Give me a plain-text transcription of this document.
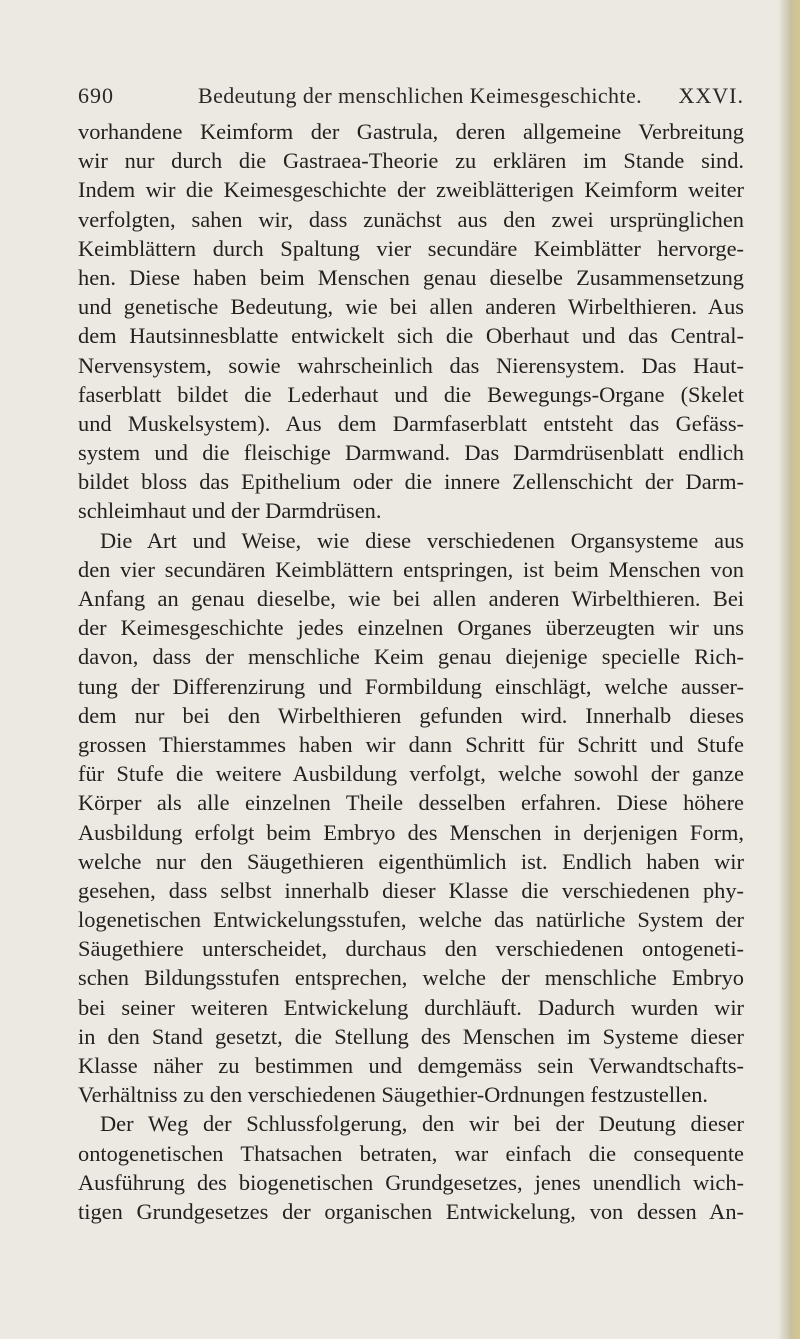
690	Bedeutung der menschlichen Keimesgeschichte. XXVI.
vorhandene Keimform der Gastrula, deren allgemeine Verbreitung
wir nur durch die Gastraea-Theorie zu erklären im Stande sind.
Indem wir die Keimesgeschichte der zweiblätterigen Keimform weiter
verfolgten, sahen wir, dass zunächst aus den zwei ursprünglichen
Keimblättern durch Spaltung vier secundäre Keimblätter hervorge-
hen. Diese haben beim Menschen genau dieselbe Zusammensetzung
und genetische Bedeutung, wie bei allen anderen Wirbelthieren. Aus
dem Hautsinnesblatte entwickelt sich die Oberhaut und das Central-
Nervensystem, sowie wahrscheinlich das Nierensystem. Das Haut-
faserblatt bildet die Lederhaut und die Bewegungs-Organe (Skelet
und Muskelsystem). Aus dem Darmfaserblatt entsteht das Gefäss-
system und die fleischige Darmwand. Das Darmdrüsenblatt endlich
bildet bloss das Epithelium oder die innere Zellenschicht der Darm-
schleimhaut und der Darmdrüsen.
Die Art und Weise, wie diese verschiedenen Organsysteme aus
den vier secundären Keimblättern entspringen, ist beim Menschen von
Anfang an genau dieselbe, wie bei allen anderen Wirbelthieren. Bei
der Keimesgeschichte jedes einzelnen Organes überzeugten wir uns
davon, dass der menschliche Keim genau diejenige specielle Rich-
tung der Differenzirung und Formbildung einschlägt, welche ausser-
dem nur bei den Wirbelthieren gefunden wird. Innerhalb dieses
grossen Thierstammes haben wir dann Schritt für Schritt und Stufe
für Stufe die weitere Ausbildung verfolgt, welche sowohl der ganze
Körper als alle einzelnen Theile desselben erfahren. Diese höhere
Ausbildung erfolgt beim Embryo des Menschen in derjenigen Form,
welche nur den Säugethieren eigenthümlich ist. Endlich haben wir
gesehen, dass selbst innerhalb dieser Klasse die verschiedenen phy-
logenetischen Entwickelungsstufen, welche das natürliche System der
Säugethiere unterscheidet, durchaus den verschiedenen ontogeneti-
schen Bildungsstufen entsprechen, welche der menschliche Embryo
bei seiner weiteren Entwickelung durchläuft. Dadurch wurden wir
in den Stand gesetzt, die Stellung des Menschen im Systeme dieser
Klasse näher zu bestimmen und demgemäss sein Verwandtschafts-
Verhältniss zu den verschiedenen Säugethier-Ordnungen festzustellen.
Der Weg der Schlussfolgerung, den wir bei der Deutung dieser
ontogenetischen Thatsachen betraten, war einfach die consequente
Ausführung des biogenetischen Grundgesetzes, jenes unendlich wich-
tigen Grundgesetzes der organischen Entwickelung, von dessen An-
